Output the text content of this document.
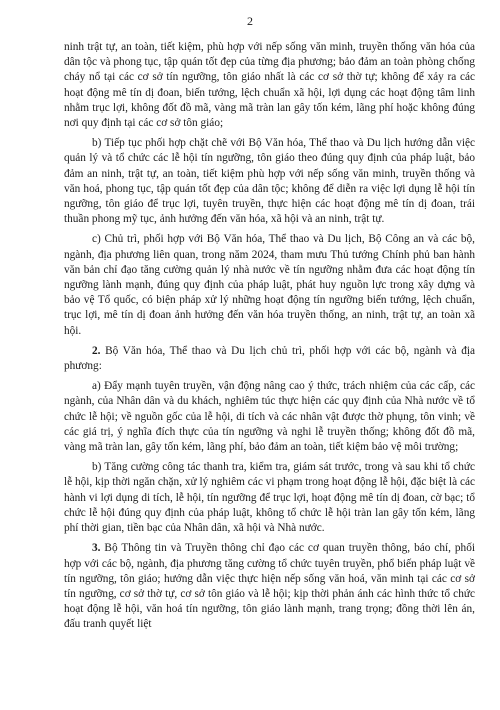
2

ninh trật tự, an toàn, tiết kiệm, phù hợp với nếp sống văn minh, truyền thống văn hóa của dân tộc và phong tục, tập quán tốt đẹp của từng địa phương; bảo đảm an toàn phòng chống cháy nổ tại các cơ sở tín ngưỡng, tôn giáo nhất là các cơ sở thờ tự; không để xảy ra các hoạt động mê tín dị đoan, biến tướng, lệch chuẩn xã hội, lợi dụng các hoạt động tâm linh nhằm trục lợi, không đốt đồ mã, vàng mã tràn lan gây tốn kém, lãng phí hoặc không đúng nơi quy định tại các cơ sở tôn giáo;

b) Tiếp tục phối hợp chặt chẽ với Bộ Văn hóa, Thể thao và Du lịch hướng dẫn việc quản lý và tổ chức các lễ hội tín ngưỡng, tôn giáo theo đúng quy định của pháp luật, bảo đảm an ninh, trật tự, an toàn, tiết kiệm phù hợp với nếp sống văn minh, truyền thống và văn hoá, phong tục, tập quán tốt đẹp của dân tộc; không để diễn ra việc lợi dụng lễ hội tín ngưỡng, tôn giáo để trục lợi, tuyên truyền, thực hiện các hoạt động mê tín dị đoan, trái thuần phong mỹ tục, ảnh hưởng đến văn hóa, xã hội và an ninh, trật tự.

c) Chủ trì, phối hợp với Bộ Văn hóa, Thể thao và Du lịch, Bộ Công an và các bộ, ngành, địa phương liên quan, trong năm 2024, tham mưu Thủ tướng Chính phủ ban hành văn bản chỉ đạo tăng cường quản lý nhà nước về tín ngưỡng nhằm đưa các hoạt động tín ngưỡng lành mạnh, đúng quy định của pháp luật, phát huy nguồn lực trong xây dựng và bảo vệ Tổ quốc, có biện pháp xử lý những hoạt động tín ngưỡng biến tướng, lệch chuẩn, trục lợi, mê tín dị đoan ảnh hưởng đến văn hóa truyền thống, an ninh, trật tự, an toàn xã hội.

2. Bộ Văn hóa, Thể thao và Du lịch chủ trì, phối hợp với các bộ, ngành và địa phương:

a) Đẩy mạnh tuyên truyền, vận động nâng cao ý thức, trách nhiệm của các cấp, các ngành, của Nhân dân và du khách, nghiêm túc thực hiện các quy định của Nhà nước về tổ chức lễ hội; về nguồn gốc của lễ hội, di tích và các nhân vật được thờ phụng, tôn vinh; về các giá trị, ý nghĩa đích thực của tín ngưỡng và nghi lễ truyền thống; không đốt đồ mã, vàng mã tràn lan, gây tốn kém, lãng phí, bảo đảm an toàn, tiết kiệm bảo vệ môi trường;

b) Tăng cường công tác thanh tra, kiểm tra, giám sát trước, trong và sau khi tổ chức lễ hội, kịp thời ngăn chặn, xử lý nghiêm các vi phạm trong hoạt động lễ hội, đặc biệt là các hành vi lợi dụng di tích, lễ hội, tín ngưỡng để trục lợi, hoạt động mê tín dị đoan, cờ bạc; tổ chức lễ hội đúng quy định của pháp luật, không tổ chức lễ hội tràn lan gây tốn kém, lãng phí thời gian, tiền bạc của Nhân dân, xã hội và Nhà nước.

3. Bộ Thông tin và Truyền thông chỉ đạo các cơ quan truyền thông, báo chí, phối hợp với các bộ, ngành, địa phương tăng cường tổ chức tuyên truyền, phổ biến pháp luật về tín ngưỡng, tôn giáo; hướng dẫn việc thực hiện nếp sống văn hoá, văn minh tại các cơ sở tín ngưỡng, cơ sở thờ tự, cơ sở tôn giáo và lễ hội; kịp thời phản ánh các hình thức tổ chức hoạt động lễ hội, văn hoá tín ngưỡng, tôn giáo lành mạnh, trang trọng; đồng thời lên án, đấu tranh quyết liệt
